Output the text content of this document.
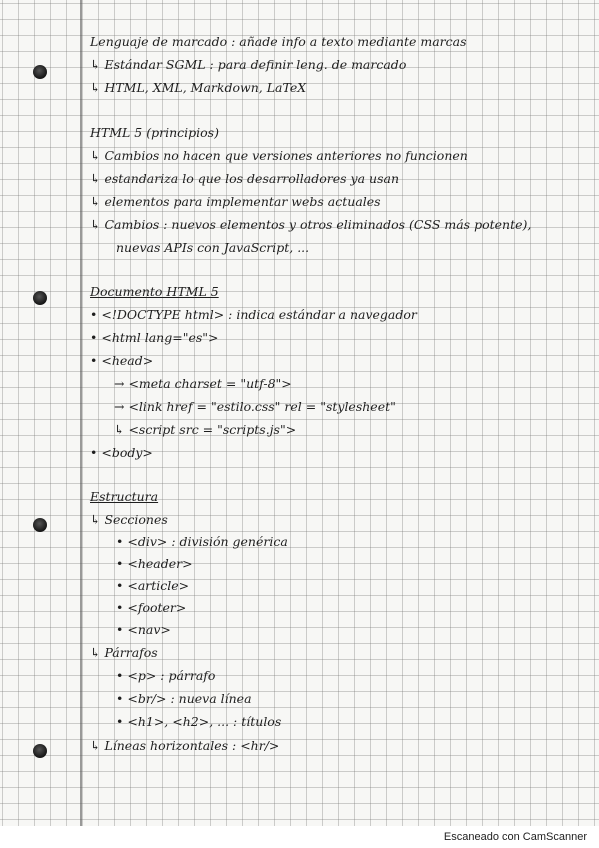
Lenguaje de marcado : añade info a texto mediante marcas
↳ Estándar SGML : para definir leng. de marcado
↳ HTML, XML, Markdown, LaTeX
HTML 5 (principios)
↳ Cambios no hacen que versiones anteriores no funcionen
↳ estandariza lo que los desarrolladores ya usan
↳ elementos para implementar webs actuales
↳ Cambios : nuevos elementos y otros eliminados (CSS más potente),
nuevas APIs con JavaScript, ...
Documento HTML 5
• <!DOCTYPE html> : indica estándar a navegador
• <html lang="es">
• <head>
→ <meta charset = "utf-8">
→ <link href = "estilo.css" rel = "stylesheet"
↳ <script src = "scripts.js">
• <body>
Estructura
↳ Secciones
• <div> : división genérica
• <header>
• <article>
• <footer>
• <nav>
↳ Párrafos
• <p> : párrafo
• <br/> : nueva línea
• <h1>, <h2>, ... : títulos
↳ Líneas horizontales : <hr/>
Escaneado con CamScanner
